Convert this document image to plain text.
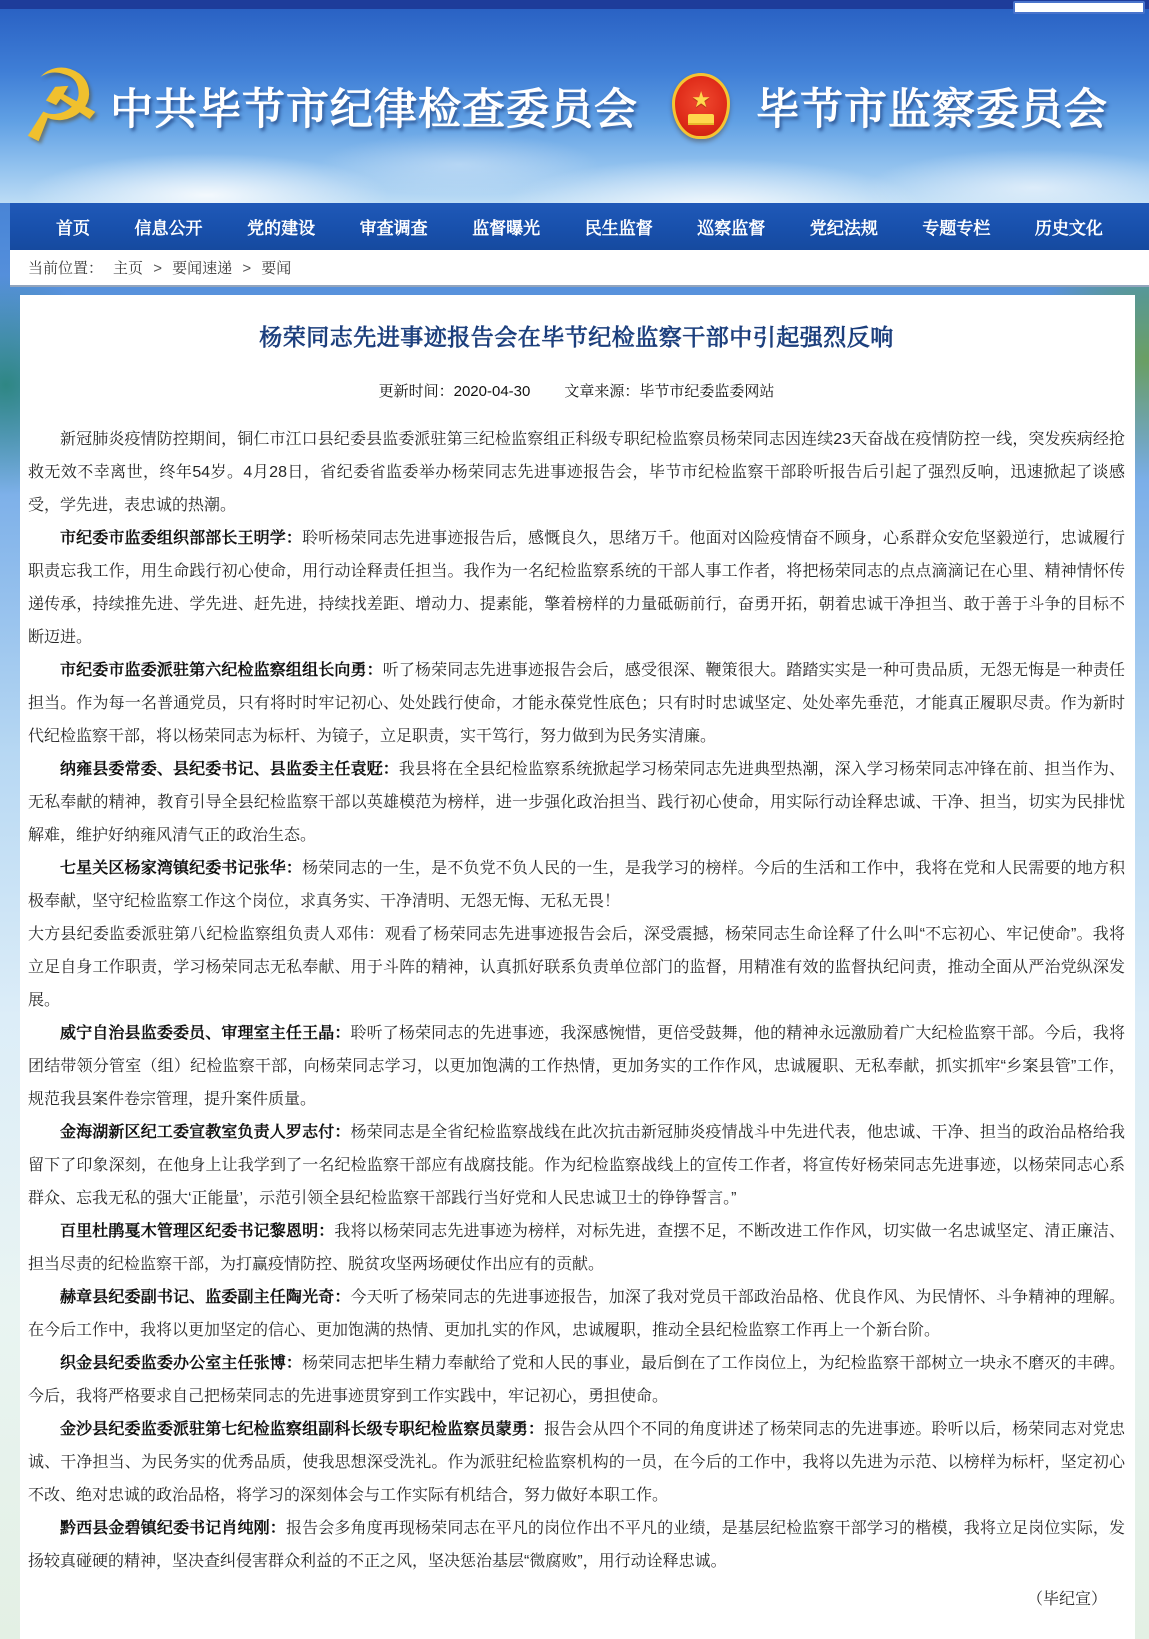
☭ 中共毕节市纪律检查委员会 ★ 毕节市监察委员会
首页	信息公开	党的建设	审查调查	监督曝光	民生监督	巡察监督	党纪法规	专题专栏	历史文化
当前位置： 主页 > 要闻速递 > 要闻
杨荣同志先进事迹报告会在毕节纪检监察干部中引起强烈反响
更新时间：2020-04-30 文章来源：毕节市纪委监委网站

新冠肺炎疫情防控期间，铜仁市江口县纪委县监委派驻第三纪检监察组正科级专职纪检监察员杨荣同志因连续23天奋战在疫情防控一线，突发疾病经抢救无效不幸离世，终年54岁。4月28日，省纪委省监委举办杨荣同志先进事迹报告会，毕节市纪检监察干部聆听报告后引起了强烈反响，迅速掀起了谈感受，学先进，表忠诚的热潮。

市纪委市监委组织部部长王明学：聆听杨荣同志先进事迹报告后，感慨良久，思绪万千。他面对凶险疫情奋不顾身，心系群众安危坚毅逆行，忠诚履行职责忘我工作，用生命践行初心使命，用行动诠释责任担当。我作为一名纪检监察系统的干部人事工作者，将把杨荣同志的点点滴滴记在心里、精神情怀传递传承，持续推先进、学先进、赶先进，持续找差距、增动力、提素能，擎着榜样的力量砥砺前行，奋勇开拓，朝着忠诚干净担当、敢于善于斗争的目标不断迈进。

市纪委市监委派驻第六纪检监察组组长向勇：听了杨荣同志先进事迹报告会后，感受很深、鞭策很大。踏踏实实是一种可贵品质，无怨无悔是一种责任担当。作为每一名普通党员，只有将时时牢记初心、处处践行使命，才能永葆党性底色；只有时时忠诚坚定、处处率先垂范，才能真正履职尽责。作为新时代纪检监察干部，将以杨荣同志为标杆、为镜子，立足职责，实干笃行，努力做到为民务实清廉。

纳雍县委常委、县纪委书记、县监委主任袁觃：我县将在全县纪检监察系统掀起学习杨荣同志先进典型热潮，深入学习杨荣同志冲锋在前、担当作为、无私奉献的精神，教育引导全县纪检监察干部以英雄模范为榜样，进一步强化政治担当、践行初心使命，用实际行动诠释忠诚、干净、担当，切实为民排忧解难，维护好纳雍风清气正的政治生态。

七星关区杨家湾镇纪委书记张华：杨荣同志的一生，是不负党不负人民的一生，是我学习的榜样。今后的生活和工作中，我将在党和人民需要的地方积极奉献，坚守纪检监察工作这个岗位，求真务实、干净清明、无怨无悔、无私无畏！

大方县纪委监委派驻第八纪检监察组负责人邓伟：观看了杨荣同志先进事迹报告会后，深受震撼，杨荣同志生命诠释了什么叫“不忘初心、牢记使命”。我将立足自身工作职责，学习杨荣同志无私奉献、用于斗阵的精神，认真抓好联系负责单位部门的监督，用精准有效的监督执纪问责，推动全面从严治党纵深发展。

威宁自治县监委委员、审理室主任王晶：聆听了杨荣同志的先进事迹，我深感惋惜，更倍受鼓舞，他的精神永远激励着广大纪检监察干部。今后，我将团结带领分管室（组）纪检监察干部，向杨荣同志学习，以更加饱满的工作热情，更加务实的工作作风，忠诚履职、无私奉献，抓实抓牢“乡案县管”工作，规范我县案件卷宗管理，提升案件质量。

金海湖新区纪工委宣教室负责人罗志付：杨荣同志是全省纪检监察战线在此次抗击新冠肺炎疫情战斗中先进代表，他忠诚、干净、担当的政治品格给我留下了印象深刻，在他身上让我学到了一名纪检监察干部应有战腐技能。作为纪检监察战线上的宣传工作者，将宣传好杨荣同志先进事迹，以杨荣同志心系群众、忘我无私的强大‘正能量’，示范引领全县纪检监察干部践行当好党和人民忠诚卫士的铮铮誓言。”

百里杜鹃戛木管理区纪委书记黎恩明：我将以杨荣同志先进事迹为榜样，对标先进，查摆不足，不断改进工作作风，切实做一名忠诚坚定、清正廉洁、担当尽责的纪检监察干部，为打赢疫情防控、脱贫攻坚两场硬仗作出应有的贡献。

赫章县纪委副书记、监委副主任陶光奇：今天听了杨荣同志的先进事迹报告，加深了我对党员干部政治品格、优良作风、为民情怀、斗争精神的理解。在今后工作中，我将以更加坚定的信心、更加饱满的热情、更加扎实的作风，忠诚履职，推动全县纪检监察工作再上一个新台阶。

织金县纪委监委办公室主任张博：杨荣同志把毕生精力奉献给了党和人民的事业，最后倒在了工作岗位上，为纪检监察干部树立一块永不磨灭的丰碑。今后，我将严格要求自己把杨荣同志的先进事迹贯穿到工作实践中，牢记初心，勇担使命。

金沙县纪委监委派驻第七纪检监察组副科长级专职纪检监察员蒙勇：报告会从四个不同的角度讲述了杨荣同志的先进事迹。聆听以后，杨荣同志对党忠诚、干净担当、为民务实的优秀品质，使我思想深受洗礼。作为派驻纪检监察机构的一员，在今后的工作中，我将以先进为示范、以榜样为标杆，坚定初心不改、绝对忠诚的政治品格，将学习的深刻体会与工作实际有机结合，努力做好本职工作。

黔西县金碧镇纪委书记肖纯刚：报告会多角度再现杨荣同志在平凡的岗位作出不平凡的业绩，是基层纪检监察干部学习的楷模，我将立足岗位实际，发扬较真碰硬的精神，坚决查纠侵害群众利益的不正之风，坚决惩治基层“微腐败”，用行动诠释忠诚。

（毕纪宣）
